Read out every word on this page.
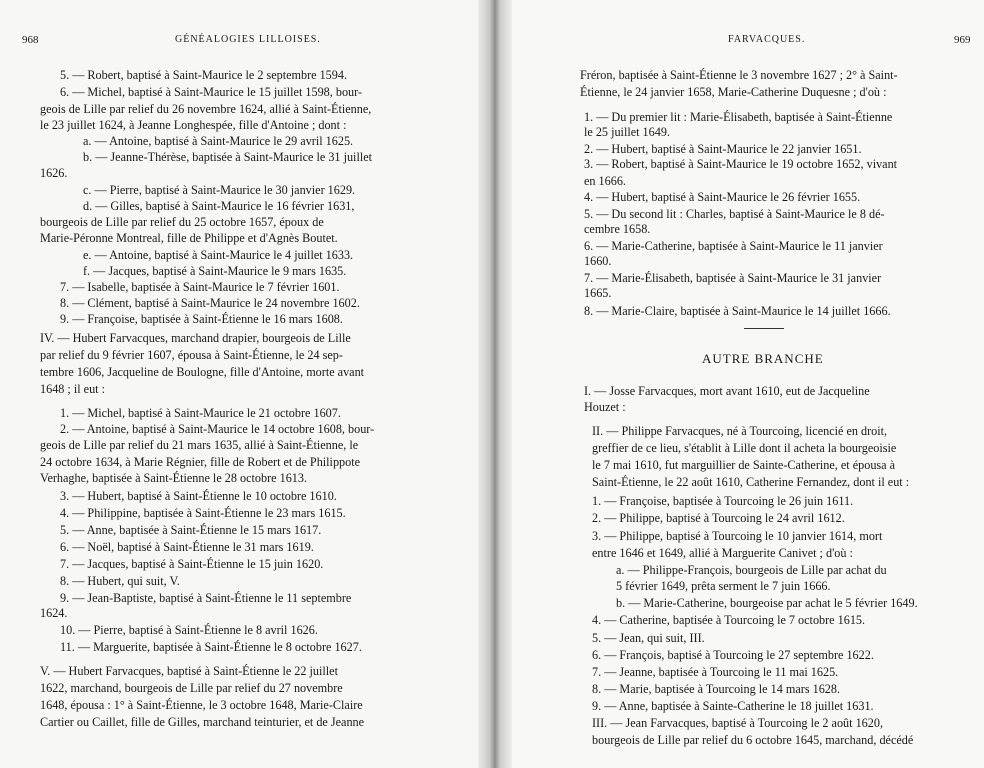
968	GÉNÉALOGIES LILLOISES.
5. — Robert, baptisé à Saint-Maurice le 2 septembre 1594.
6. — Michel, baptisé à Saint-Maurice le 15 juillet 1598, bour-
geois de Lille par relief du 26 novembre 1624, allié à Saint-Étienne,
le 23 juillet 1624, à Jeanne Longhespée, fille d'Antoine ; dont :
a. — Antoine, baptisé à Saint-Maurice le 29 avril 1625.
b. — Jeanne-Thérèse, baptisée à Saint-Maurice le 31 juillet
1626.
c. — Pierre, baptisé à Saint-Maurice le 30 janvier 1629.
d. — Gilles, baptisé à Saint-Maurice le 16 février 1631,
bourgeois de Lille par relief du 25 octobre 1657, époux de
Marie-Péronne Montreal, fille de Philippe et d'Agnès Boutet.
e. — Antoine, baptisé à Saint-Maurice le 4 juillet 1633.
f. — Jacques, baptisé à Saint-Maurice le 9 mars 1635.
7. — Isabelle, baptisée à Saint-Maurice le 7 février 1601.
8. — Clément, baptisé à Saint-Maurice le 24 novembre 1602.
9. — Françoise, baptisée à Saint-Étienne le 16 mars 1608.
IV. — Hubert Farvacques, marchand drapier, bourgeois de Lille
par relief du 9 février 1607, épousa à Saint-Étienne, le 24 sep-
tembre 1606, Jacqueline de Boulogne, fille d'Antoine, morte avant
1648 ; il eut :
1. — Michel, baptisé à Saint-Maurice le 21 octobre 1607.
2. — Antoine, baptisé à Saint-Maurice le 14 octobre 1608, bour-
geois de Lille par relief du 21 mars 1635, allié à Saint-Étienne, le
24 octobre 1634, à Marie Régnier, fille de Robert et de Philippote
Verhaghe, baptisée à Saint-Étienne le 28 octobre 1613.
3. — Hubert, baptisé à Saint-Étienne le 10 octobre 1610.
4. — Philippine, baptisée à Saint-Étienne le 23 mars 1615.
5. — Anne, baptisée à Saint-Étienne le 15 mars 1617.
6. — Noël, baptisé à Saint-Étienne le 31 mars 1619.
7. — Jacques, baptisé à Saint-Étienne le 15 juin 1620.
8. — Hubert, qui suit, V.
9. — Jean-Baptiste, baptisé à Saint-Étienne le 11 septembre
1624.
10. — Pierre, baptisé à Saint-Étienne le 8 avril 1626.
11. — Marguerite, baptisée à Saint-Étienne le 8 octobre 1627.
V. — Hubert Farvacques, baptisé à Saint-Étienne le 22 juillet
1622, marchand, bourgeois de Lille par relief du 27 novembre
1648, épousa : 1° à Saint-Étienne, le 3 octobre 1648, Marie-Claire
Cartier ou Caillet, fille de Gilles, marchand teinturier, et de Jeanne
FARVACQUES.	969
Fréron, baptisée à Saint-Étienne le 3 novembre 1627 ; 2° à Saint-
Étienne, le 24 janvier 1658, Marie-Catherine Duquesne ; d'où :
1. — Du premier lit : Marie-Élisabeth, baptisée à Saint-Étienne
le 25 juillet 1649.
2. — Hubert, baptisé à Saint-Maurice le 22 janvier 1651.
3. — Robert, baptisé à Saint-Maurice le 19 octobre 1652, vivant
en 1666.
4. — Hubert, baptisé à Saint-Maurice le 26 février 1655.
5. — Du second lit : Charles, baptisé à Saint-Maurice le 8 dé-
cembre 1658.
6. — Marie-Catherine, baptisée à Saint-Maurice le 11 janvier
1660.
7. — Marie-Élisabeth, baptisée à Saint-Maurice le 31 janvier
1665.
8. — Marie-Claire, baptisée à Saint-Maurice le 14 juillet 1666.
AUTRE BRANCHE
I. — Josse Farvacques, mort avant 1610, eut de Jacqueline
Houzet :
II. — Philippe Farvacques, né à Tourcoing, licencié en droit,
greffier de ce lieu, s'établit à Lille dont il acheta la bourgeoisie
le 7 mai 1610, fut marguillier de Sainte-Catherine, et épousa à
Saint-Étienne, le 22 août 1610, Catherine Fernandez, dont il eut :
1. — Françoise, baptisée à Tourcoing le 26 juin 1611.
2. — Philippe, baptisé à Tourcoing le 24 avril 1612.
3. — Philippe, baptisé à Tourcoing le 10 janvier 1614, mort
entre 1646 et 1649, allié à Marguerite Canivet ; d'où :
a. — Philippe-François, bourgeois de Lille par achat du
5 février 1649, prêta serment le 7 juin 1666.
b. — Marie-Catherine, bourgeoise par achat le 5 février 1649.
4. — Catherine, baptisée à Tourcoing le 7 octobre 1615.
5. — Jean, qui suit, III.
6. — François, baptisé à Tourcoing le 27 septembre 1622.
7. — Jeanne, baptisée à Tourcoing le 11 mai 1625.
8. — Marie, baptisée à Tourcoing le 14 mars 1628.
9. — Anne, baptisée à Sainte-Catherine le 18 juillet 1631.
III. — Jean Farvacques, baptisé à Tourcoing le 2 août 1620,
bourgeois de Lille par relief du 6 octobre 1645, marchand, décédé
